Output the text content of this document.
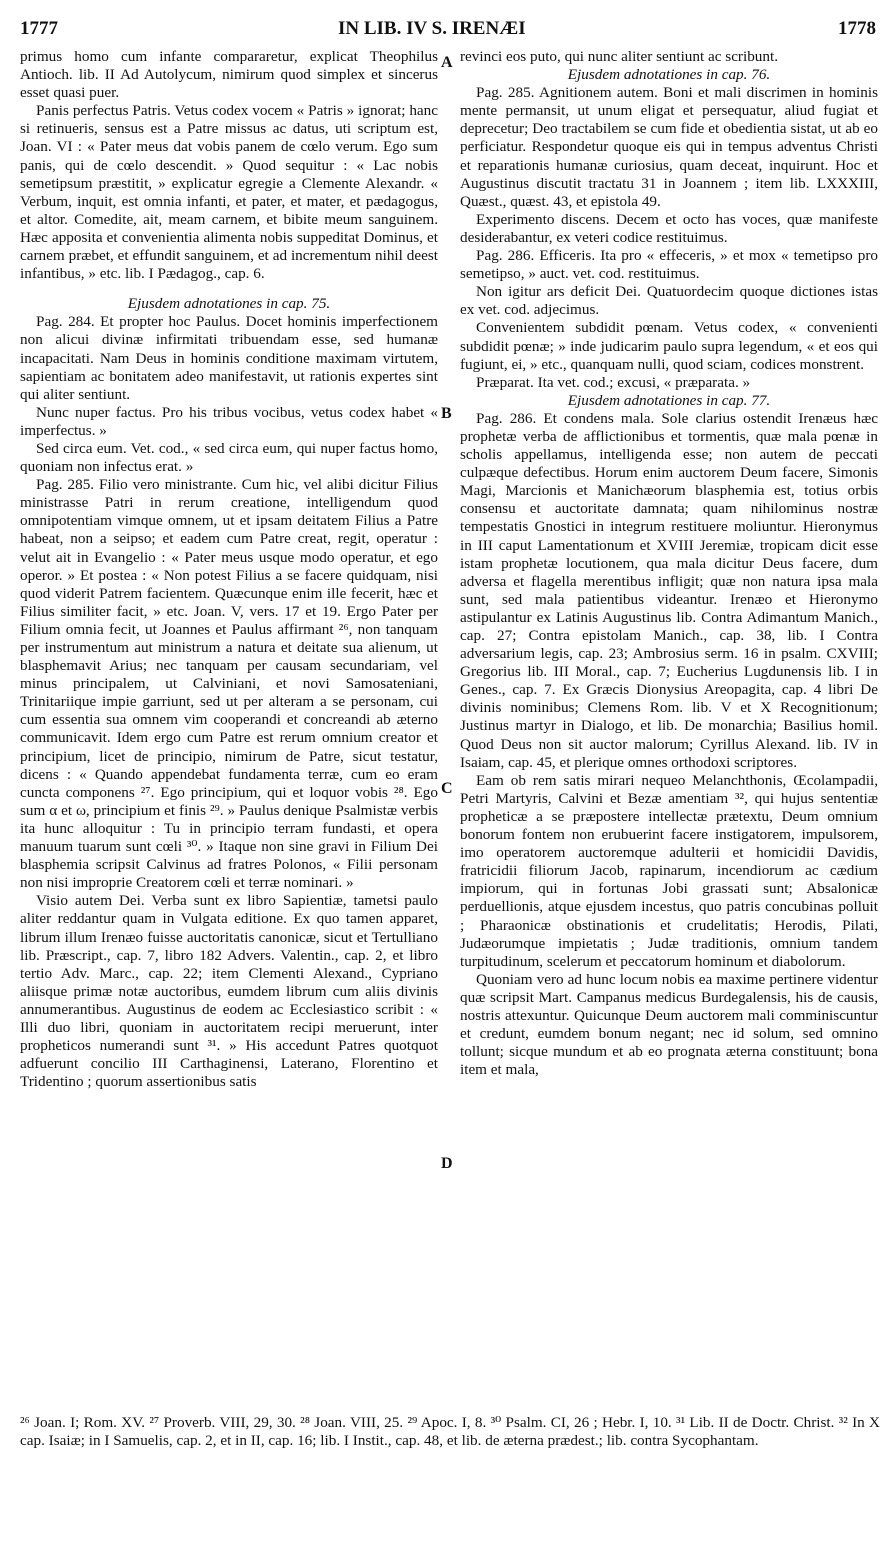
1777	IN LIB. IV S. IRENÆI	1778
A
B
C
D

primus homo cum infante compararetur, explicat Theophilus Antioch. lib. II Ad Autolycum, nimirum quod simplex et sincerus esset quasi puer.

Panis perfectus Patris. Vetus codex vocem « Patris » ignorat; hanc si retinueris, sensus est a Patre missus ac datus, uti scriptum est, Joan. VI : « Pater meus dat vobis panem de cœlo verum. Ego sum panis, qui de cœlo descendit. » Quod sequitur : « Lac nobis semetipsum præstitit, » explicatur egregie a Clemente Alexandr. « Verbum, inquit, est omnia infanti, et pater, et mater, et pædagogus, et altor. Comedite, ait, meam carnem, et bibite meum sanguinem. Hæc apposita et convenientia alimenta nobis suppeditat Dominus, et carnem præbet, et effundit sanguinem, et ad incrementum nihil deest infantibus, » etc. lib. I Pædagog., cap. 6.

Ejusdem adnotationes in cap. 75.

Pag. 284. Et propter hoc Paulus. Docet hominis imperfectionem non alicui divinæ infirmitati tribuendam esse, sed humanæ incapacitati. Nam Deus in hominis conditione maximam virtutem, sapientiam ac bonitatem adeo manifestavit, ut rationis expertes sint qui aliter sentiunt.

Nunc nuper factus. Pro his tribus vocibus, vetus codex habet « imperfectus. »

Sed circa eum. Vet. cod., « sed circa eum, qui nuper factus homo, quoniam non infectus erat. »

Pag. 285. Filio vero ministrante. Cum hic, vel alibi dicitur Filius ministrasse Patri in rerum creatione, intelligendum quod omnipotentiam vimque omnem, ut et ipsam deitatem Filius a Patre habeat, non a seipso; et eadem cum Patre creat, regit, operatur : velut ait in Evangelio : « Pater meus usque modo operatur, et ego operor. » Et postea : « Non potest Filius a se facere quidquam, nisi quod viderit Patrem facientem. Quæcunque enim ille fecerit, hæc et Filius similiter facit, » etc. Joan. V, vers. 17 et 19. Ergo Pater per Filium omnia fecit, ut Joannes et Paulus affirmant ²⁶, non tanquam per instrumentum aut ministrum a natura et deitate sua alienum, ut blasphemavit Arius; nec tanquam per causam secundariam, vel minus principalem, ut Calviniani, et novi Samosateniani, Trinitariique impie garriunt, sed ut per alteram a se personam, cui cum essentia sua omnem vim cooperandi et concreandi ab æterno communicavit. Idem ergo cum Patre est rerum omnium creator et principium, licet de principio, nimirum de Patre, sicut testatur, dicens : « Quando appendebat fundamenta terræ, cum eo eram cuncta componens ²⁷. Ego principium, qui et loquor vobis ²⁸. Ego sum α et ω, principium et finis ²⁹. » Paulus denique Psalmistæ verbis ita hunc alloquitur : Tu in principio terram fundasti, et opera manuum tuarum sunt cœli ³⁰. » Itaque non sine gravi in Filium Dei blasphemia scripsit Calvinus ad fratres Polonos, « Filii personam non nisi improprie Creatorem cœli et terræ nominari. »

Visio autem Dei. Verba sunt ex libro Sapientiæ, tametsi paulo aliter reddantur quam in Vulgata editione. Ex quo tamen apparet, librum illum Irenæo fuisse auctoritatis canonicæ, sicut et Tertulliano lib. Præscript., cap. 7, libro 182 Advers. Valentin., cap. 2, et libro tertio Adv. Marc., cap. 22; item Clementi Alexand., Cypriano aliisque primæ notæ auctoribus, eumdem librum cum aliis divinis annumerantibus. Augustinus de eodem ac Ecclesiastico scribit : « Illi duo libri, quoniam in auctoritatem recipi meruerunt, inter propheticos numerandi sunt ³¹. » His accedunt Patres quotquot adfuerunt concilio III Carthaginensi, Laterano, Florentino et Tridentino ; quorum assertionibus satis

revinci eos puto, qui nunc aliter sentiunt ac scribunt.

Ejusdem adnotationes in cap. 76.

Pag. 285. Agnitionem autem. Boni et mali discrimen in hominis mente permansit, ut unum eligat et persequatur, aliud fugiat et deprecetur; Deo tractabilem se cum fide et obedientia sistat, ut ab eo perficiatur. Respondetur quoque eis qui in tempus adventus Christi et reparationis humanæ curiosius, quam deceat, inquirunt. Hoc et Augustinus discutit tractatu 31 in Joannem ; item lib. LXXXIII, Quæst., quæst. 43, et epistola 49.

Experimento discens. Decem et octo has voces, quæ manifeste desiderabantur, ex veteri codice restituimus.

Pag. 286. Efficeris. Ita pro « effeceris, » et mox « temetipso pro semetipso, » auct. vet. cod. restituimus.

Non igitur ars deficit Dei. Quatuordecim quoque dictiones istas ex vet. cod. adjecimus.

Convenientem subdidit pœnam. Vetus codex, « convenienti subdidit pœnæ; » inde judicarim paulo supra legendum, « et eos qui fugiunt, ei, » etc., quanquam nulli, quod sciam, codices monstrent.

Præparat. Ita vet. cod.; excusi, « præparata. »

Ejusdem adnotationes in cap. 77.

Pag. 286. Et condens mala. Sole clarius ostendit Irenæus hæc prophetæ verba de afflictionibus et tormentis, quæ mala pœnæ in scholis appellamus, intelligenda esse; non autem de peccati culpæque defectibus. Horum enim auctorem Deum facere, Simonis Magi, Marcionis et Manichæorum blasphemia est, totius orbis consensu et auctoritate damnata; quam nihilominus nostræ tempestatis Gnostici in integrum restituere moliuntur. Hieronymus in III caput Lamentationum et XVIII Jeremiæ, tropicam dicit esse istam prophetæ locutionem, qua mala dicitur Deus facere, dum adversa et flagella merentibus infligit; quæ non natura ipsa mala sunt, sed mala patientibus videantur. Irenæo et Hieronymo astipulantur ex Latinis Augustinus lib. Contra Adimantum Manich., cap. 27; Contra epistolam Manich., cap. 38, lib. I Contra adversarium legis, cap. 23; Ambrosius serm. 16 in psalm. CXVIII; Gregorius lib. III Moral., cap. 7; Eucherius Lugdunensis lib. I in Genes., cap. 7. Ex Græcis Dionysius Areopagita, cap. 4 libri De divinis nominibus; Clemens Rom. lib. V et X Recognitionum; Justinus martyr in Dialogo, et lib. De monarchia; Basilius homil. Quod Deus non sit auctor malorum; Cyrillus Alexand. lib. IV in Isaiam, cap. 45, et plerique omnes orthodoxi scriptores.

Eam ob rem satis mirari nequeo Melanchthonis, Œcolampadii, Petri Martyris, Calvini et Bezæ amentiam ³², qui hujus sententiæ propheticæ a se præpostere intellectæ prætextu, Deum omnium bonorum fontem non erubuerint facere instigatorem, impulsorem, imo operatorem auctoremque adulterii et homicidii Davidis, fratricidii filiorum Jacob, rapinarum, incendiorum ac cædium impiorum, qui in fortunas Jobi grassati sunt; Absalonicæ perduellionis, atque ejusdem incestus, quo patris concubinas polluit ; Pharaonicæ obstinationis et crudelitatis; Herodis, Pilati, Judæorumque impietatis ; Judæ traditionis, omnium tandem turpitudinum, scelerum et peccatorum hominum et diabolorum.

Quoniam vero ad hunc locum nobis ea maxime pertinere videntur quæ scripsit Mart. Campanus medicus Burdegalensis, his de causis, nostris attexuntur. Quicunque Deum auctorem mali comminiscuntur et credunt, eumdem bonum negant; nec id solum, sed omnino tollunt; sicque mundum et ab eo prognata æterna constituunt; bona item et mala,

²⁶ Joan. I; Rom. XV. ²⁷ Proverb. VIII, 29, 30. ²⁸ Joan. VIII, 25. ²⁹ Apoc. I, 8. ³⁰ Psalm. CI, 26 ; Hebr. I, 10. ³¹ Lib. II de Doctr. Christ. ³² In X cap. Isaiæ; in I Samuelis, cap. 2, et in II, cap. 16; lib. I Instit., cap. 48, et lib. de æterna prædest.; lib. contra Sycophantam.
